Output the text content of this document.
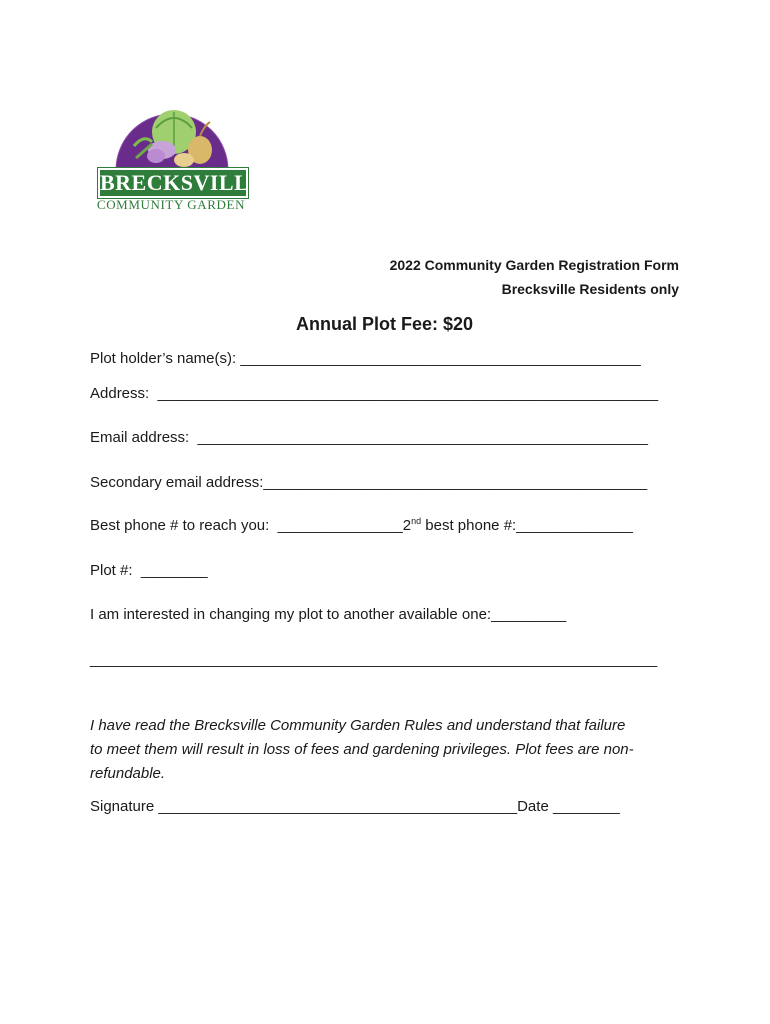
BRECKSVILLE
COMMUNITY GARDEN
2022 Community Garden Registration Form
Brecksville Residents only
Annual Plot Fee: $20
Plot holder’s name(s): ________________________________________________
Address:  ____________________________________________________________
Email address:  ______________________________________________________
Secondary email address:______________________________________________
Best phone # to reach you:  _______________2nd best phone #:______________
Plot #:  ________
I am interested in changing my plot to another available one:_________
____________________________________________________________________
I have read the Brecksville Community Garden Rules and understand that failure
to meet them will result in loss of fees and gardening privileges. Plot fees are non-
refundable.
Signature ___________________________________________Date ________
